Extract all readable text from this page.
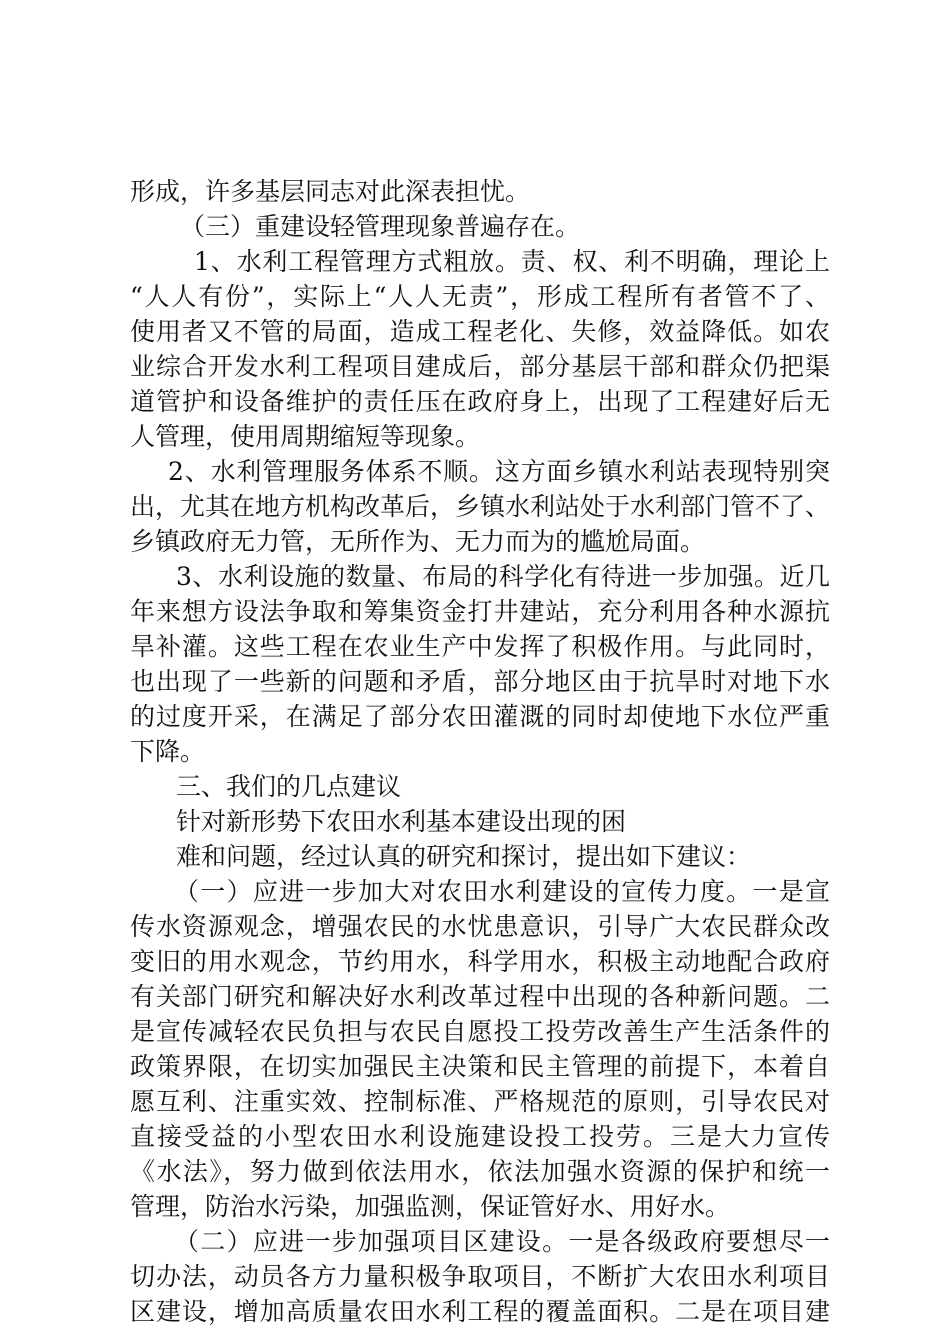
形成，许多基层同志对此深表担忧。
（三）重建设轻管理现象普遍存在。
1、水利工程管理方式粗放。责、权、利不明确，理论上
“人人有份”，实际上“人人无责”，形成工程所有者管不了、
使用者又不管的局面，造成工程老化、失修，效益降低。如农
业综合开发水利工程项目建成后，部分基层干部和群众仍把渠
道管护和设备维护的责任压在政府身上，出现了工程建好后无
人管理，使用周期缩短等现象。
2、水利管理服务体系不顺。这方面乡镇水利站表现特别突
出，尤其在地方机构改革后，乡镇水利站处于水利部门管不了、
乡镇政府无力管，无所作为、无力而为的尴尬局面。
3、水利设施的数量、布局的科学化有待进一步加强。近几
年来想方设法争取和筹集资金打井建站，充分利用各种水源抗
旱补灌。这些工程在农业生产中发挥了积极作用。与此同时，
也出现了一些新的问题和矛盾，部分地区由于抗旱时对地下水
的过度开采，在满足了部分农田灌溉的同时却使地下水位严重
下降。
三、我们的几点建议
针对新形势下农田水利基本建设出现的困
难和问题，经过认真的研究和探讨，提出如下建议：
（一）应进一步加大对农田水利建设的宣传力度。一是宣
传水资源观念，增强农民的水忧患意识，引导广大农民群众改
变旧的用水观念，节约用水，科学用水，积极主动地配合政府
有关部门研究和解决好水利改革过程中出现的各种新问题。二
是宣传减轻农民负担与农民自愿投工投劳改善生产生活条件的
政策界限，在切实加强民主决策和民主管理的前提下，本着自
愿互利、注重实效、控制标准、严格规范的原则，引导农民对
直接受益的小型农田水利设施建设投工投劳。三是大力宣传
《水法》，努力做到依法用水，依法加强水资源的保护和统一
管理，防治水污染，加强监测，保证管好水、用好水。
（二）应进一步加强项目区建设。一是各级政府要想尽一
切办法，动员各方力量积极争取项目，不断扩大农田水利项目
区建设，增加高质量农田水利工程的覆盖面积。二是在项目建
